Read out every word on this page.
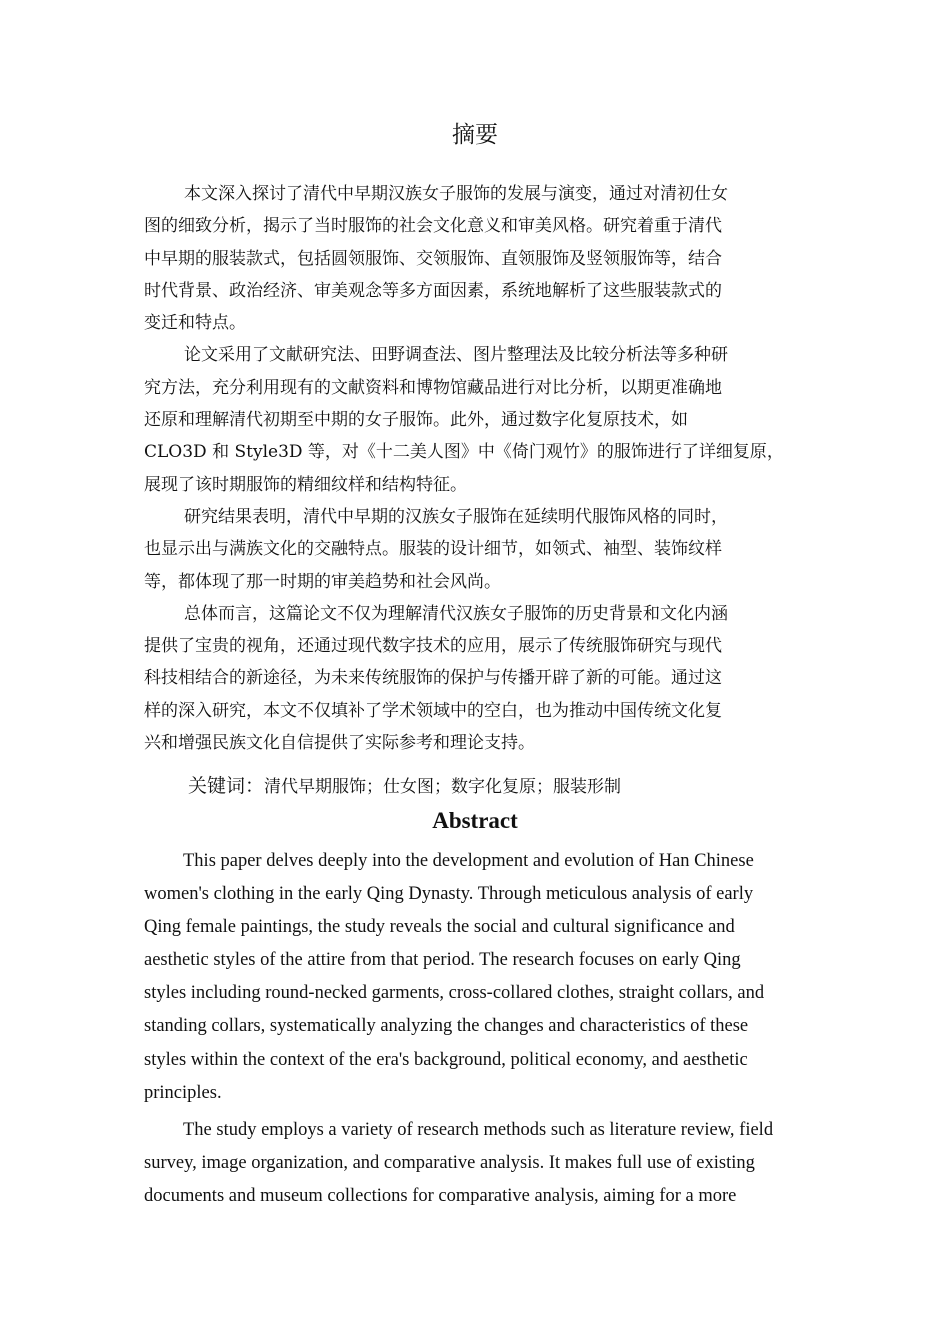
摘要

本文深入探讨了清代中早期汉族女子服饰的发展与演变，通过对清初仕女
图的细致分析，揭示了当时服饰的社会文化意义和审美风格。研究着重于清代
中早期的服装款式，包括圆领服饰、交领服饰、直领服饰及竖领服饰等，结合
时代背景、政治经济、审美观念等多方面因素，系统地解析了这些服装款式的
变迁和特点。

论文采用了文献研究法、田野调查法、图片整理法及比较分析法等多种研
究方法，充分利用现有的文献资料和博物馆藏品进行对比分析，以期更准确地
还原和理解清代初期至中期的女子服饰。此外，通过数字化复原技术，如
CLO3D 和 Style3D 等，对《十二美人图》中《倚门观竹》的服饰进行了详细复原，
展现了该时期服饰的精细纹样和结构特征。

研究结果表明，清代中早期的汉族女子服饰在延续明代服饰风格的同时，
也显示出与满族文化的交融特点。服装的设计细节，如领式、袖型、装饰纹样
等，都体现了那一时期的审美趋势和社会风尚。

总体而言，这篇论文不仅为理解清代汉族女子服饰的历史背景和文化内涵
提供了宝贵的视角，还通过现代数字技术的应用，展示了传统服饰研究与现代
科技相结合的新途径，为未来传统服饰的保护与传播开辟了新的可能。通过这
样的深入研究，本文不仅填补了学术领域中的空白，也为推动中国传统文化复
兴和增强民族文化自信提供了实际参考和理论支持。

关键词：清代早期服饰；仕女图；数字化复原；服装形制
Abstract

This paper delves deeply into the development and evolution of Han Chinese
women's clothing in the early Qing Dynasty. Through meticulous analysis of early
Qing female paintings, the study reveals the social and cultural significance and
aesthetic styles of the attire from that period. The research focuses on early Qing
styles including round-necked garments, cross-collared clothes, straight collars, and
standing collars, systematically analyzing the changes and characteristics of these
styles within the context of the era's background, political economy, and aesthetic
principles.

The study employs a variety of research methods such as literature review, field
survey, image organization, and comparative analysis. It makes full use of existing
documents and museum collections for comparative analysis, aiming for a more
